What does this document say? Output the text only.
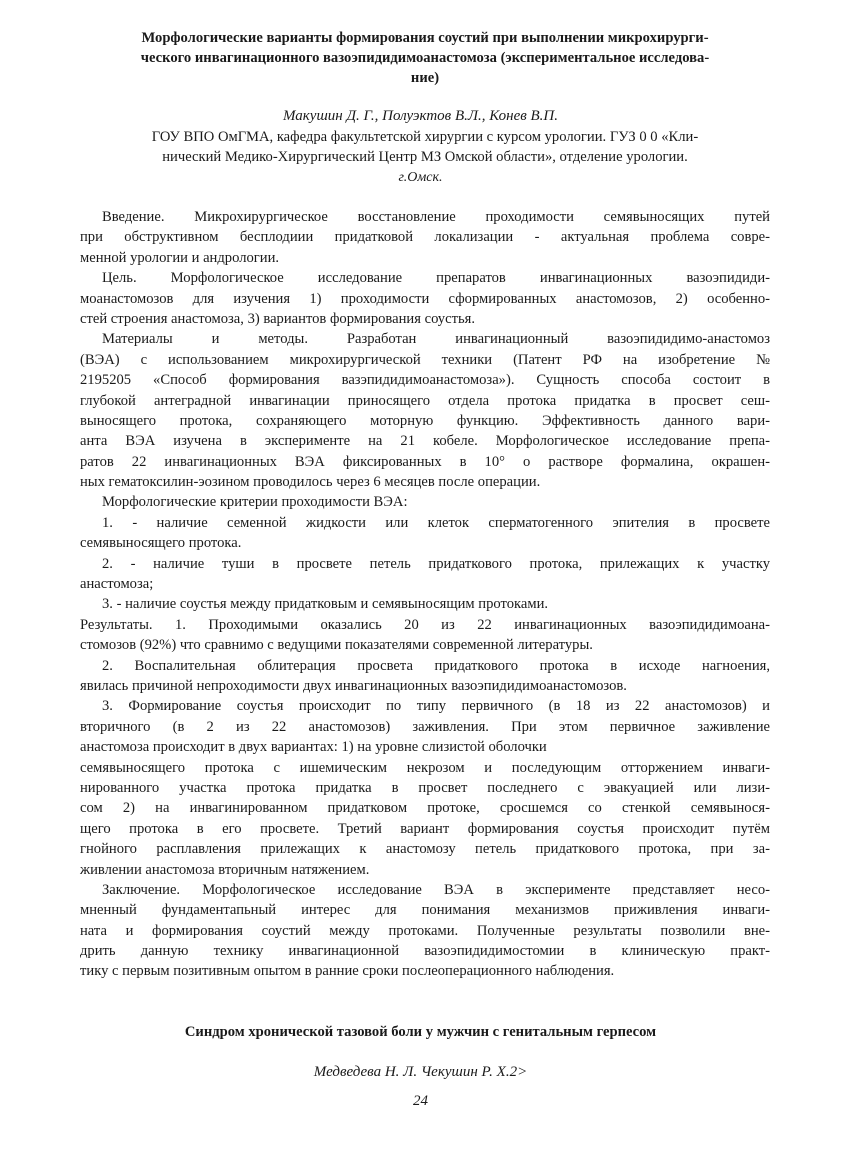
Морфологические варианты формирования соустий при выполнении микрохирурги-
ческого инвагинационного вазоэпидидимоанастомоза (экспериментальное исследова-
ние)
Макушин Д. Г., Полуэктов В.Л., Конев В.П.
ГОУ ВПО ОмГМА, кафедра факультетской хирургии с курсом урологии. ГУЗ 0 0 «Кли-
нический Медико-Хирургический Центр МЗ Омской области», отделение урологии.
г.Омск.
Введение. Микрохирургическое восстановление проходимости семявыносящих путей
при обструктивном бесплодиии придатковой локализации - актуальная проблема совре-
менной урологии и андрологии.
Цель. Морфологическое исследование препаратов инвагинационных вазоэпидиди-
моанастомозов для изучения 1) проходимости сформированных анастомозов, 2) особенно-
стей строения анастомоза, 3) вариантов формирования соустья.
Материалы и методы. Разработан инвагинационный вазоэпидидимо-анастомоз
(ВЭА) с использованием микрохирургической техники (Патент РФ на изобретение №
2195205 «Способ формирования вазэпидидимоанастомоза»). Сущность способа состоит в
глубокой антеградной инвагинации приносящего отдела протока придатка в просвет сеш-
выносящего протока, сохраняющего моторную функцию. Эффективность данного вари-
анта ВЭА изучена в эксперименте на 21 кобеле. Морфологическое исследование препа-
ратов 22 инвагинационных ВЭА фиксированных в 10° о растворе формалина, окрашен-
ных гематоксилин-эозином проводилось через 6 месяцев после операции.
Морфологические критерии проходимости ВЭА:
1. - наличие семенной жидкости или клеток сперматогенного эпителия в просвете
семявыносящего протока.
2. - наличие туши в просвете петель придаткового протока, прилежащих к участку
анастомоза;
3. - наличие соустья между придатковым и семявыносящим протоками.
Результаты. 1. Проходимыми оказались 20 из 22 инвагинационных вазоэпидидимоана-
стомозов (92%) что сравнимо с ведущими показателями современной литературы.
2. Воспалительная облитерация просвета придаткового протока в исходе нагноения,
явилась причиной непроходимости двух инвагинационных вазоэпидидимоанастомозов.
3. Формирование соустья происходит по типу первичного (в 18 из 22 анастомозов) и
вторичного (в 2 из 22 анастомозов) заживления. При этом первичное заживление
анастомоза происходит в двух вариантах: 1) на уровне слизистой оболочки
семявыносящего протока с ишемическим некрозом и последующим отторжением инваги-
нированного участка протока придатка в просвет последнего с эвакуацией или лизи-
сом 2) на инвагинированном придатковом протоке, сросшемся со стенкой семявынося-
щего протока в его просвете. Третий вариант формирования соустья происходит путём
гнойного расплавления прилежащих к анастомозу петель придаткового протока, при за-
живлении анастомоза вторичным натяжением.
Заключение. Морфологическое исследование ВЭА в эксперименте представляет несо-
мненный фундаментапьный интерес для понимания механизмов приживления инваги-
ната и формирования соустий между протоками. Полученные результаты позволили вне-
дрить данную технику инвагинационной вазоэпидидимостомии в клиническую практ-
тику с первым позитивным опытом в ранние сроки послеоперационного наблюдения.
Синдром хронической тазовой боли у мужчин с генитальным герпесом
Медведева Н. Л. Чекушин Р. Х.2>
24
